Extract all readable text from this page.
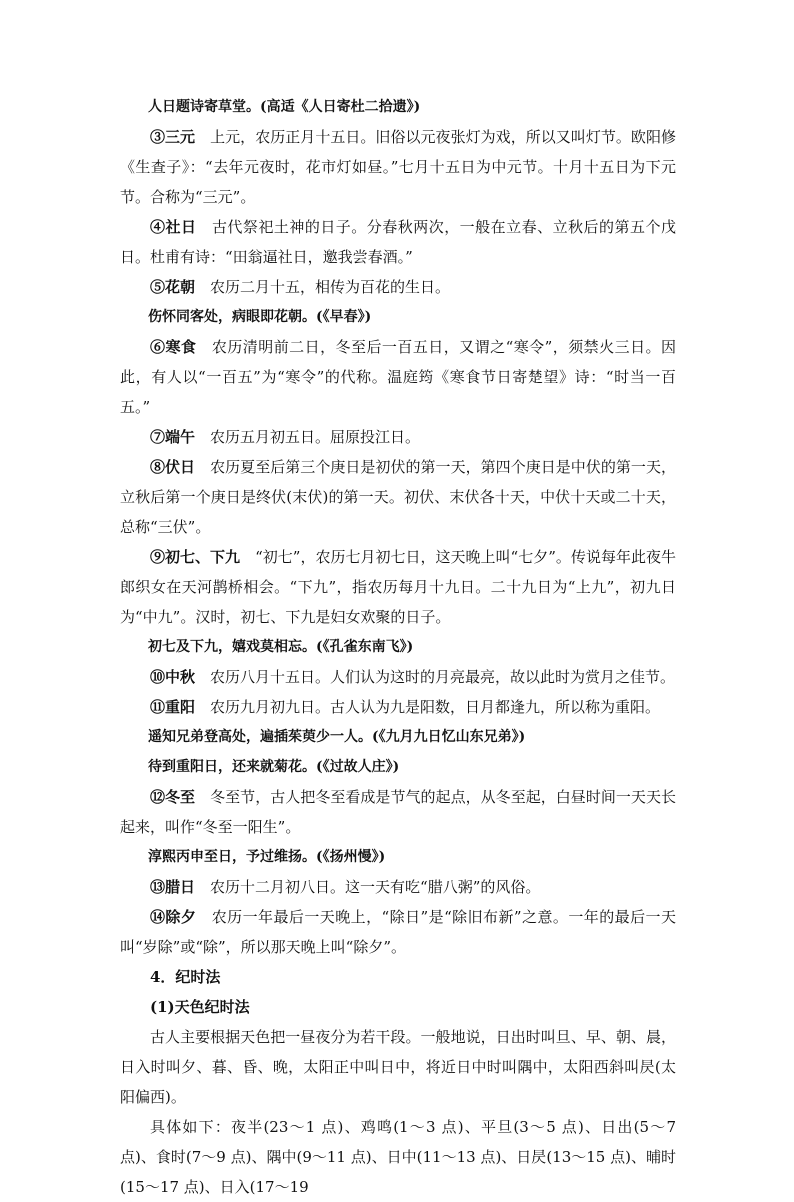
人日题诗寄草堂。(高适《人日寄杜二拾遗》)

③三元　 上元，农历正月十五日。旧俗以元夜张灯为戏，所以又叫灯节。欧阳修《生查子》：“去年元夜时，花市灯如昼。”七月十五日为中元节。十月十五日为下元节。合称为“三元”。

④社日　 古代祭祀土神的日子。分春秋两次，一般在立春、立秋后的第五个戊日。杜甫有诗：“田翁逼社日，邀我尝春酒。”

⑤花朝　 农历二月十五，相传为百花的生日。

伤怀同客处，病眼即花朝。(《早春》)

⑥寒食　 农历清明前二日，冬至后一百五日，又谓之“寒令”，须禁火三日。因此，有人以“一百五”为“寒令”的代称。温庭筠《寒食节日寄楚望》诗：“时当一百五。”

⑦端午　 农历五月初五日。屈原投江日。

⑧伏日　 农历夏至后第三个庚日是初伏的第一天，第四个庚日是中伏的第一天，立秋后第一个庚日是终伏(末伏)的第一天。初伏、末伏各十天，中伏十天或二十天，总称“三伏”。

⑨初七、下九　 “初七”，农历七月初七日，这天晚上叫“七夕”。传说每年此夜牛郎织女在天河鹊桥相会。“下九”，指农历每月十九日。二十九日为“上九”，初九日为“中九”。汉时，初七、下九是妇女欢聚的日子。

初七及下九，嬉戏莫相忘。(《孔雀东南飞》)

⑩中秋　 农历八月十五日。人们认为这时的月亮最亮，故以此时为赏月之佳节。

⑪重阳　 农历九月初九日。古人认为九是阳数，日月都逢九，所以称为重阳。

遥知兄弟登高处，遍插茱萸少一人。(《九月九日忆山东兄弟》)

待到重阳日，还来就菊花。(《过故人庄》)

⑫冬至　 冬至节，古人把冬至看成是节气的起点，从冬至起，白昼时间一天天长起来，叫作“冬至一阳生”。

淳熙丙申至日，予过维扬。(《扬州慢》)

⑬腊日　 农历十二月初八日。这一天有吃“腊八粥”的风俗。

⑭除夕　 农历一年最后一天晚上，“除日”是“除旧布新”之意。一年的最后一天叫“岁除”或“除”，所以那天晚上叫“除夕”。

4．纪时法

(1)天色纪时法

古人主要根据天色把一昼夜分为若干段。一般地说，日出时叫旦、早、朝、晨，日入时叫夕、暮、昏、晚，太阳正中叫日中，将近日中时叫隅中，太阳西斜叫昃(太阳偏西)。

具体如下：夜半(23～1 点)、鸡鸣(1～3 点)、平旦(3～5 点)、日出(5～7 点)、食时(7～9 点)、隅中(9～11 点)、日中(11～13 点)、日昃(13～15 点)、晡时(15～17 点)、日入(17～19
